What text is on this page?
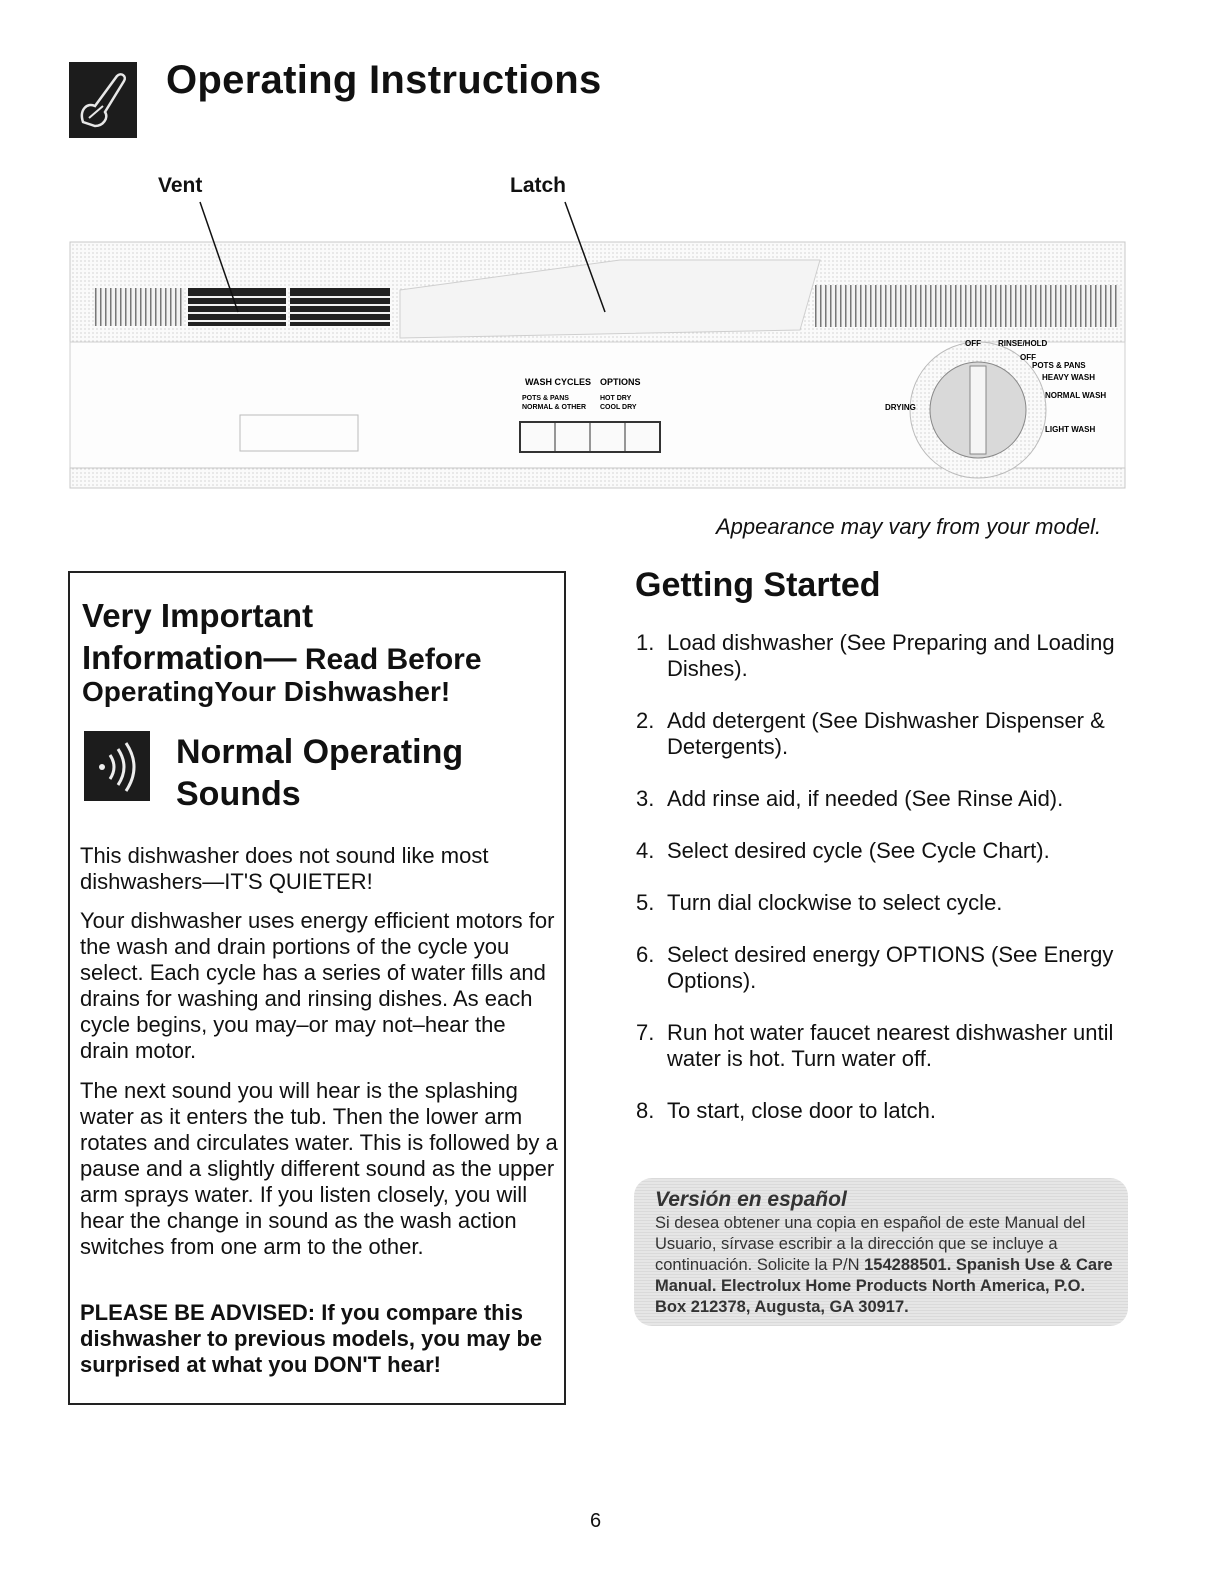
Operating Instructions
Vent	Latch
WASH CYCLES OPTIONS
POTS & PANS
NORMAL & OTHER
HOT DRY
COOL DRY
OFF RINSE/HOLD
OFF
POTS & PANS
HEAVY WASH
NORMAL WASH
LIGHT WASH
DRYING
Appearance may vary from your model.
Very Important
Information— Read Before
OperatingYour Dishwasher!
Normal Operating
Sounds
This dishwasher does not sound like most dishwashers—IT'S QUIETER!
Your dishwasher uses energy efficient motors for the wash and drain portions of the cycle you select. Each cycle has a series of water fills and drains for washing and rinsing dishes. As each cycle begins, you may–or may not–hear the drain motor.
The next sound you will hear is the splashing water as it enters the tub. Then the lower arm rotates and circulates water. This is followed by a pause and a slightly different sound as the upper arm sprays water. If you listen closely, you will hear the change in sound as the wash action switches from one arm to the other.
PLEASE BE ADVISED: If you compare this dishwasher to previous models, you may be surprised at what you DON'T hear!
Getting Started
1. Load dishwasher (See Preparing and Loading Dishes).
2. Add detergent (See Dishwasher Dispenser & Detergents).
3. Add rinse aid, if needed (See Rinse Aid).
4. Select desired cycle (See Cycle Chart).
5. Turn dial clockwise to select cycle.
6. Select desired energy OPTIONS (See Energy Options).
7. Run hot water faucet nearest dishwasher until water is hot. Turn water off.
8. To start, close door to latch.
Versión en español
Si desea obtener una copia en español de este Manual del Usuario, sírvase escribir a la dirección que se incluye a continuación. Solicite la P/N 154288501. Spanish Use & Care Manual. Electrolux Home Products North America, P.O. Box 212378, Augusta, GA 30917.
6
